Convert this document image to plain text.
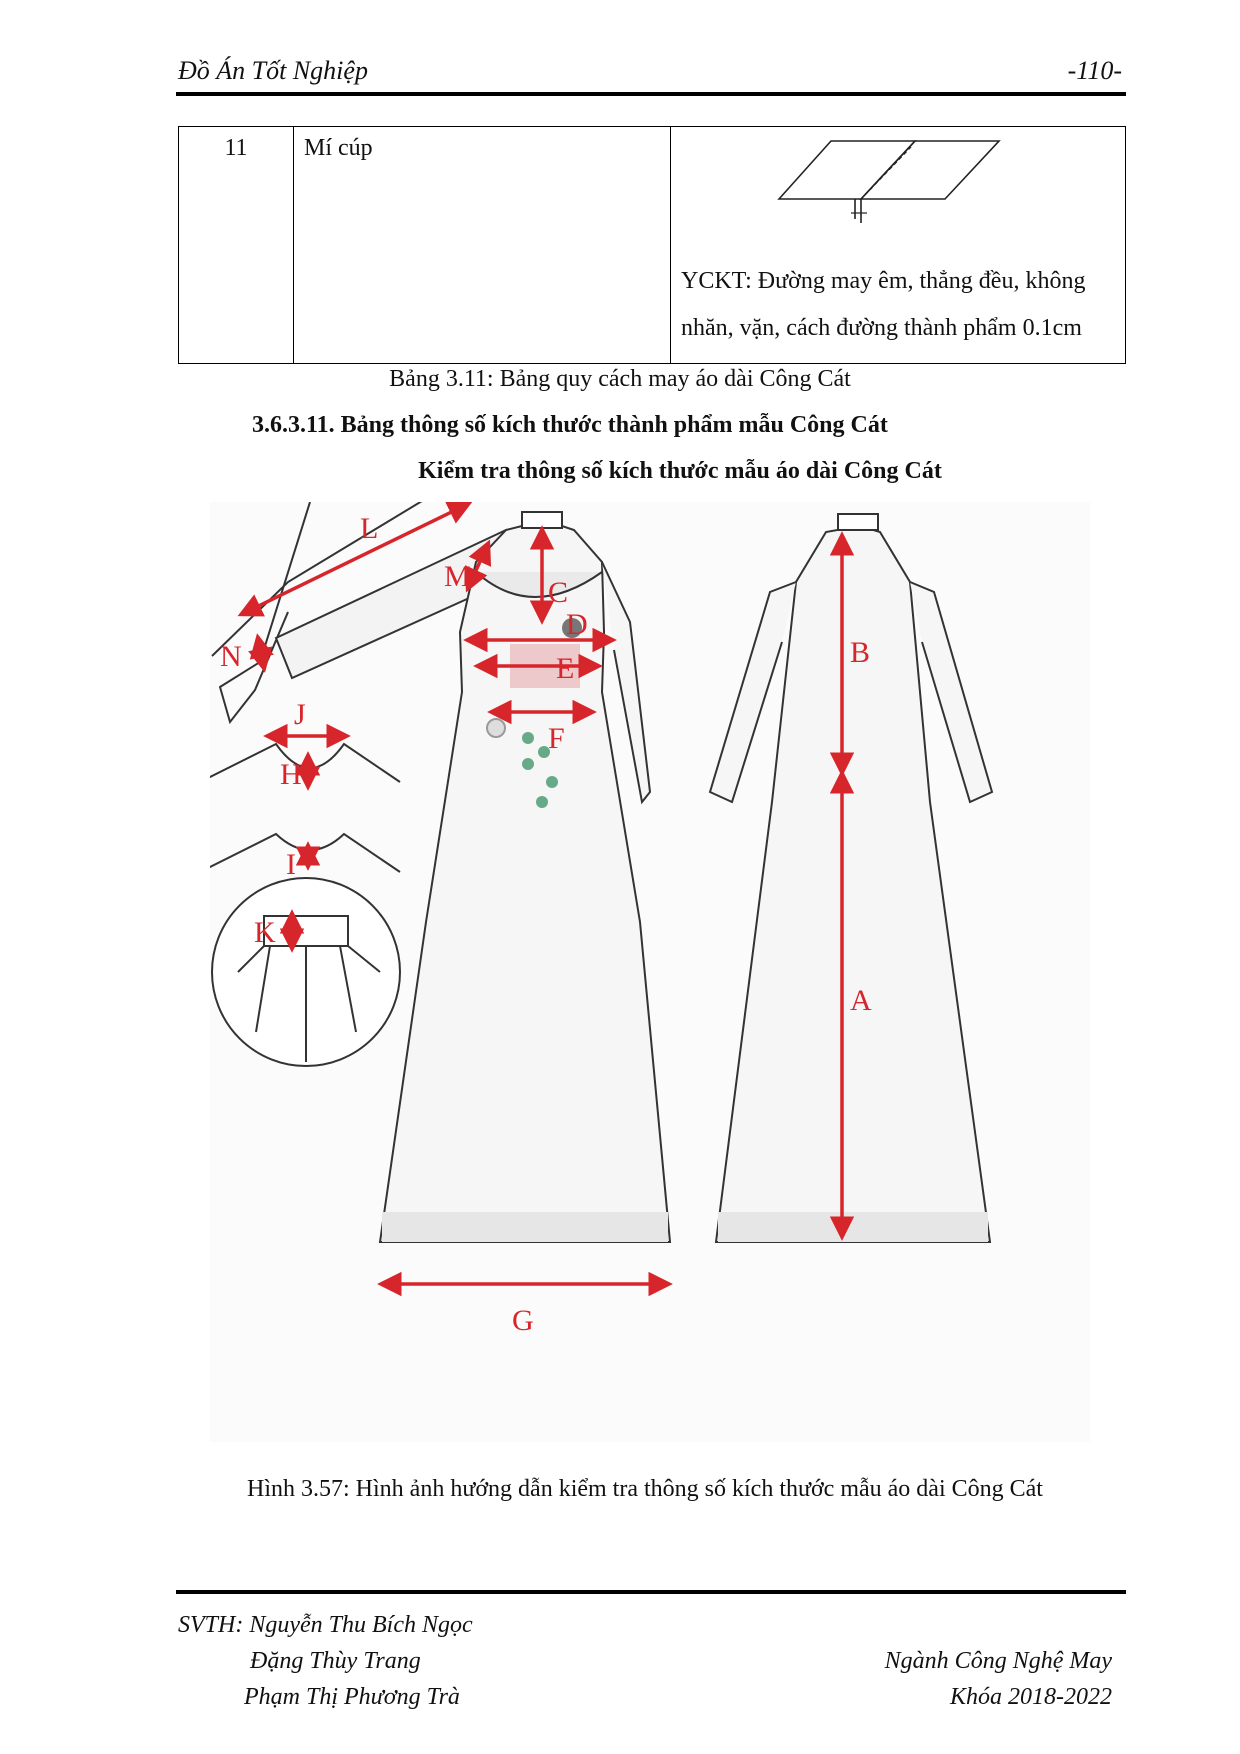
Đồ Án Tốt Nghiệp	-110-
11	Mí cúp	
YCKT: Đường may êm, thẳng đều, không
nhăn, vặn, cách đường thành phẩm 0.1cm
Bảng 3.11: Bảng quy cách may áo dài Công Cát
3.6.3.11. Bảng thông số kích thước thành phẩm mẫu Công Cát
Kiểm tra thông số kích thước mẫu áo dài Công Cát
L
M
N
C
D
E
F
G
B
A
J
H
I
K
Hình 3.57: Hình ảnh hướng dẫn kiểm tra thông số kích thước mẫu áo dài Công Cát
SVTH: Nguyễn Thu Bích Ngọc
Đặng Thùy Trang
Phạm Thị Phương Trà
Ngành Công Nghệ May
Khóa 2018-2022
